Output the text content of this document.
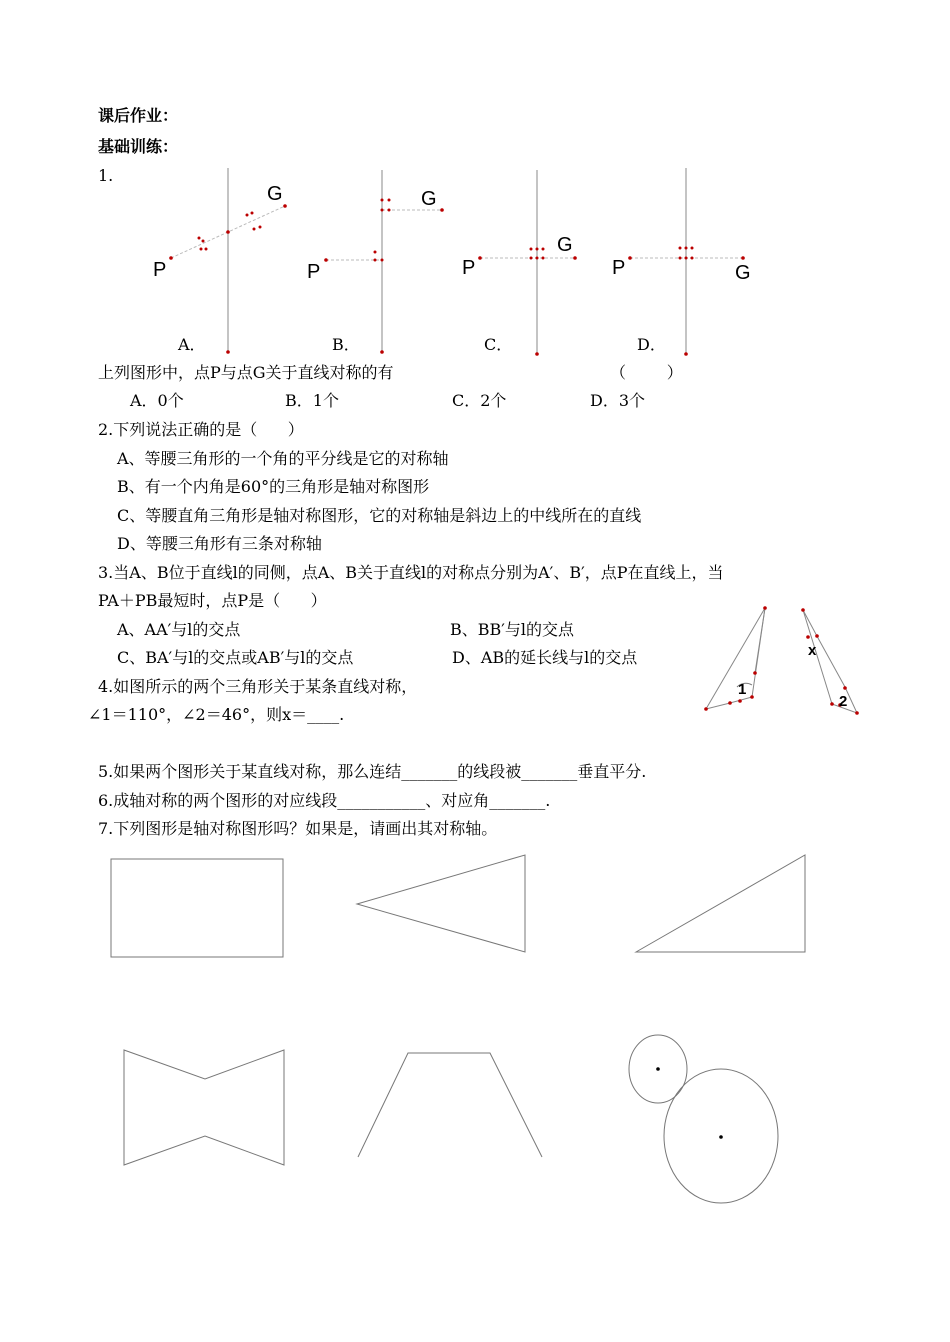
课后作业：
基础训练：
1.
P
G
P
G
P
G
P	G
1
x
2
A．	B．	C．	D．
上列图形中，点P与点G关于直线对称的有	（        ）
A．0个	B．1个	C．2个	D．3个
2.下列说法正确的是（      ）
A、等腰三角形的一个角的平分线是它的对称轴
B、有一个内角是60°的三角形是轴对称图形
C、等腰直角三角形是轴对称图形，它的对称轴是斜边上的中线所在的直线
D、等腰三角形有三条对称轴
3.当A、B位于直线l的同侧，点A、B关于直线l的对称点分别为A′、B′，点P在直线上，当
PA＋PB最短时，点P是（      ）
A、AA′与l的交点	B、BB′与l的交点
C、BA′与l的交点或AB′与l的交点	D、AB的延长线与l的交点
4.如图所示的两个三角形关于某条直线对称，
∠1＝110°，∠2＝46°，则x＝____.
5.如果两个图形关于某直线对称，那么连结_______的线段被_______垂直平分.
6.成轴对称的两个图形的对应线段___________、对应角_______.
7.下列图形是轴对称图形吗？如果是，请画出其对称轴。
